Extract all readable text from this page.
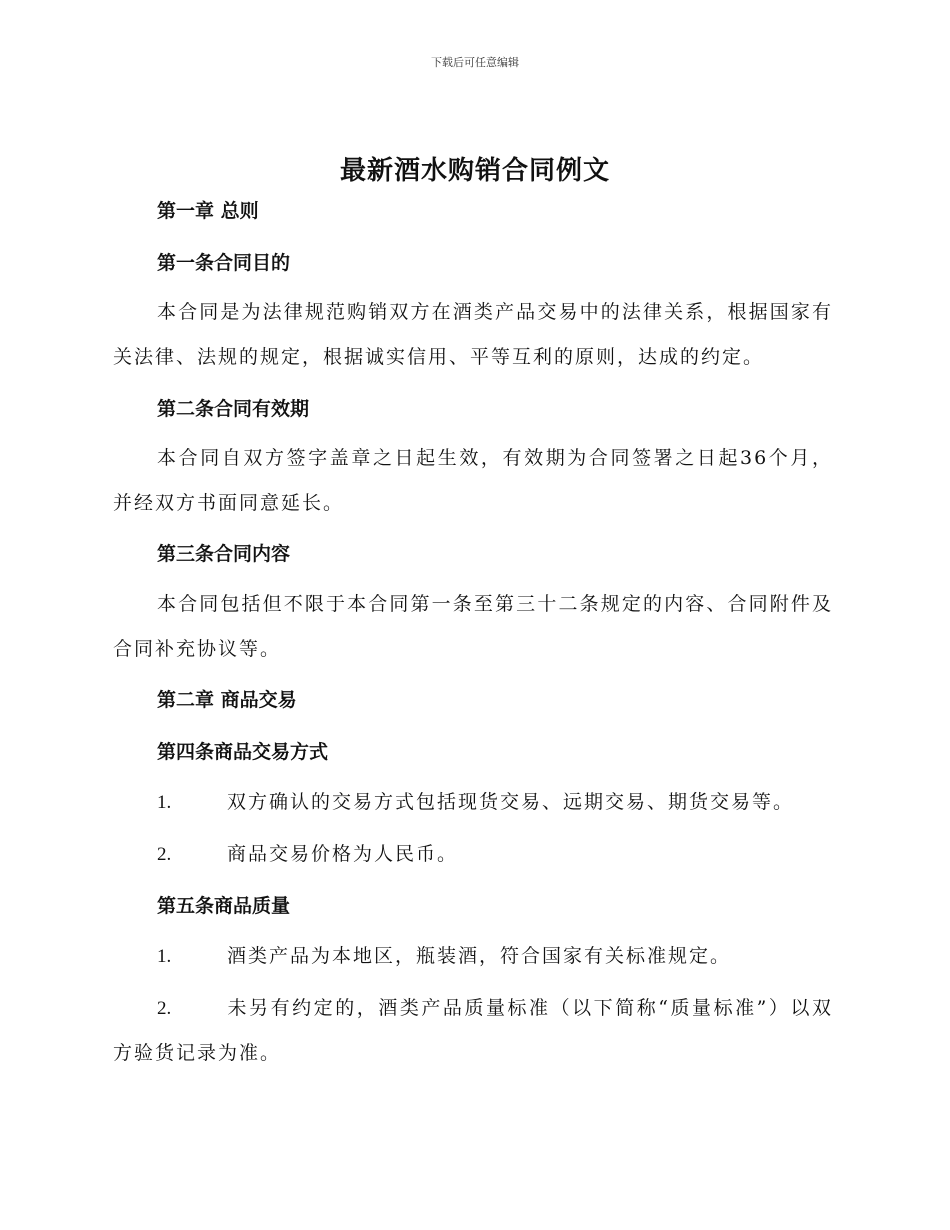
下载后可任意编辑
最新酒水购销合同例文
第一章 总则
第一条合同目的
本合同是为法律规范购销双方在酒类产品交易中的法律关系，根据国家有关法律、法规的规定，根据诚实信用、平等互利的原则，达成的约定。
第二条合同有效期
本合同自双方签字盖章之日起生效，有效期为合同签署之日起36个月，并经双方书面同意延长。
第三条合同内容
本合同包括但不限于本合同第一条至第三十二条规定的内容、合同附件及合同补充协议等。
第二章 商品交易
第四条商品交易方式
1.	双方确认的交易方式包括现货交易、远期交易、期货交易等。
2.	商品交易价格为人民币。
第五条商品质量
1.	酒类产品为本地区，瓶装酒，符合国家有关标准规定。
2.	未另有约定的，酒类产品质量标准（以下简称“质量标准”）以双方验货记录为准。
